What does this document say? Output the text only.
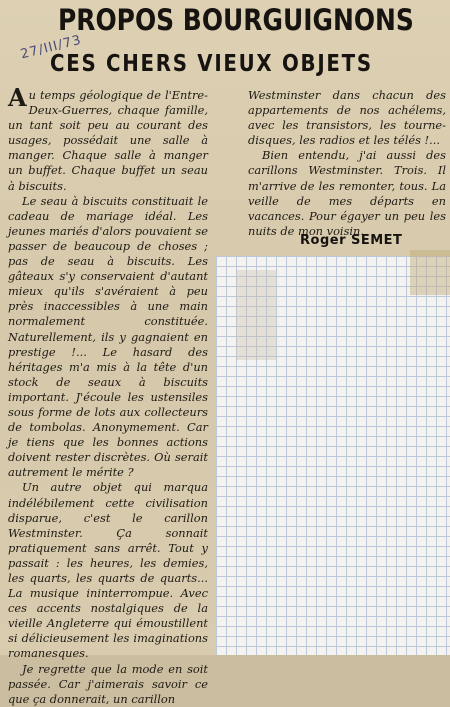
27/III/73
PROPOS BOURGUIGNONS
CES CHERS VIEUX OBJETS

Au temps géologique de l'Entre-Deux-Guerres, chaque famille, un tant soit peu au courant des usages, possédait une salle à manger. Chaque salle à manger un buffet. Chaque buffet un seau à biscuits.

Le seau à biscuits constituait le cadeau de mariage idéal. Les jeunes mariés d'alors pouvaient se passer de beaucoup de choses ; pas de seau à biscuits. Les gâteaux s'y conservaient d'autant mieux qu'ils s'avéraient à peu près inaccessibles à une main normalement constituée. Naturellement, ils y gagnaient en prestige !... Le hasard des héritages m'a mis à la tête d'un stock de seaux à biscuits important. J'écoule les ustensiles sous forme de lots aux collecteurs de tombolas. Anonymement. Car je tiens que les bonnes actions doivent rester discrètes. Où serait autrement le mérite ?

Un autre objet qui marqua indélébilement cette civilisation disparue, c'est le carillon Westminster. Ça sonnait pratiquement sans arrêt. Tout y passait : les heures, les demies, les quarts, les quarts de quarts... La musique ininterrompue. Avec ces accents nostalgiques de la vieille Angleterre qui émoustillent si délicieusement les imaginations romanesques.

Je regrette que la mode en soit passée. Car j'aimerais savoir ce que ça donnerait, un carillon

Westminster dans chacun des appartements de nos achélems, avec les transistors, les tourne-disques, les radios et les télés !...

Bien entendu, j'ai aussi des carillons Westminster. Trois. Il m'arrive de les remonter, tous. La veille de mes départs en vacances. Pour égayer un peu les nuits de mon voisin.

Roger SEMET
